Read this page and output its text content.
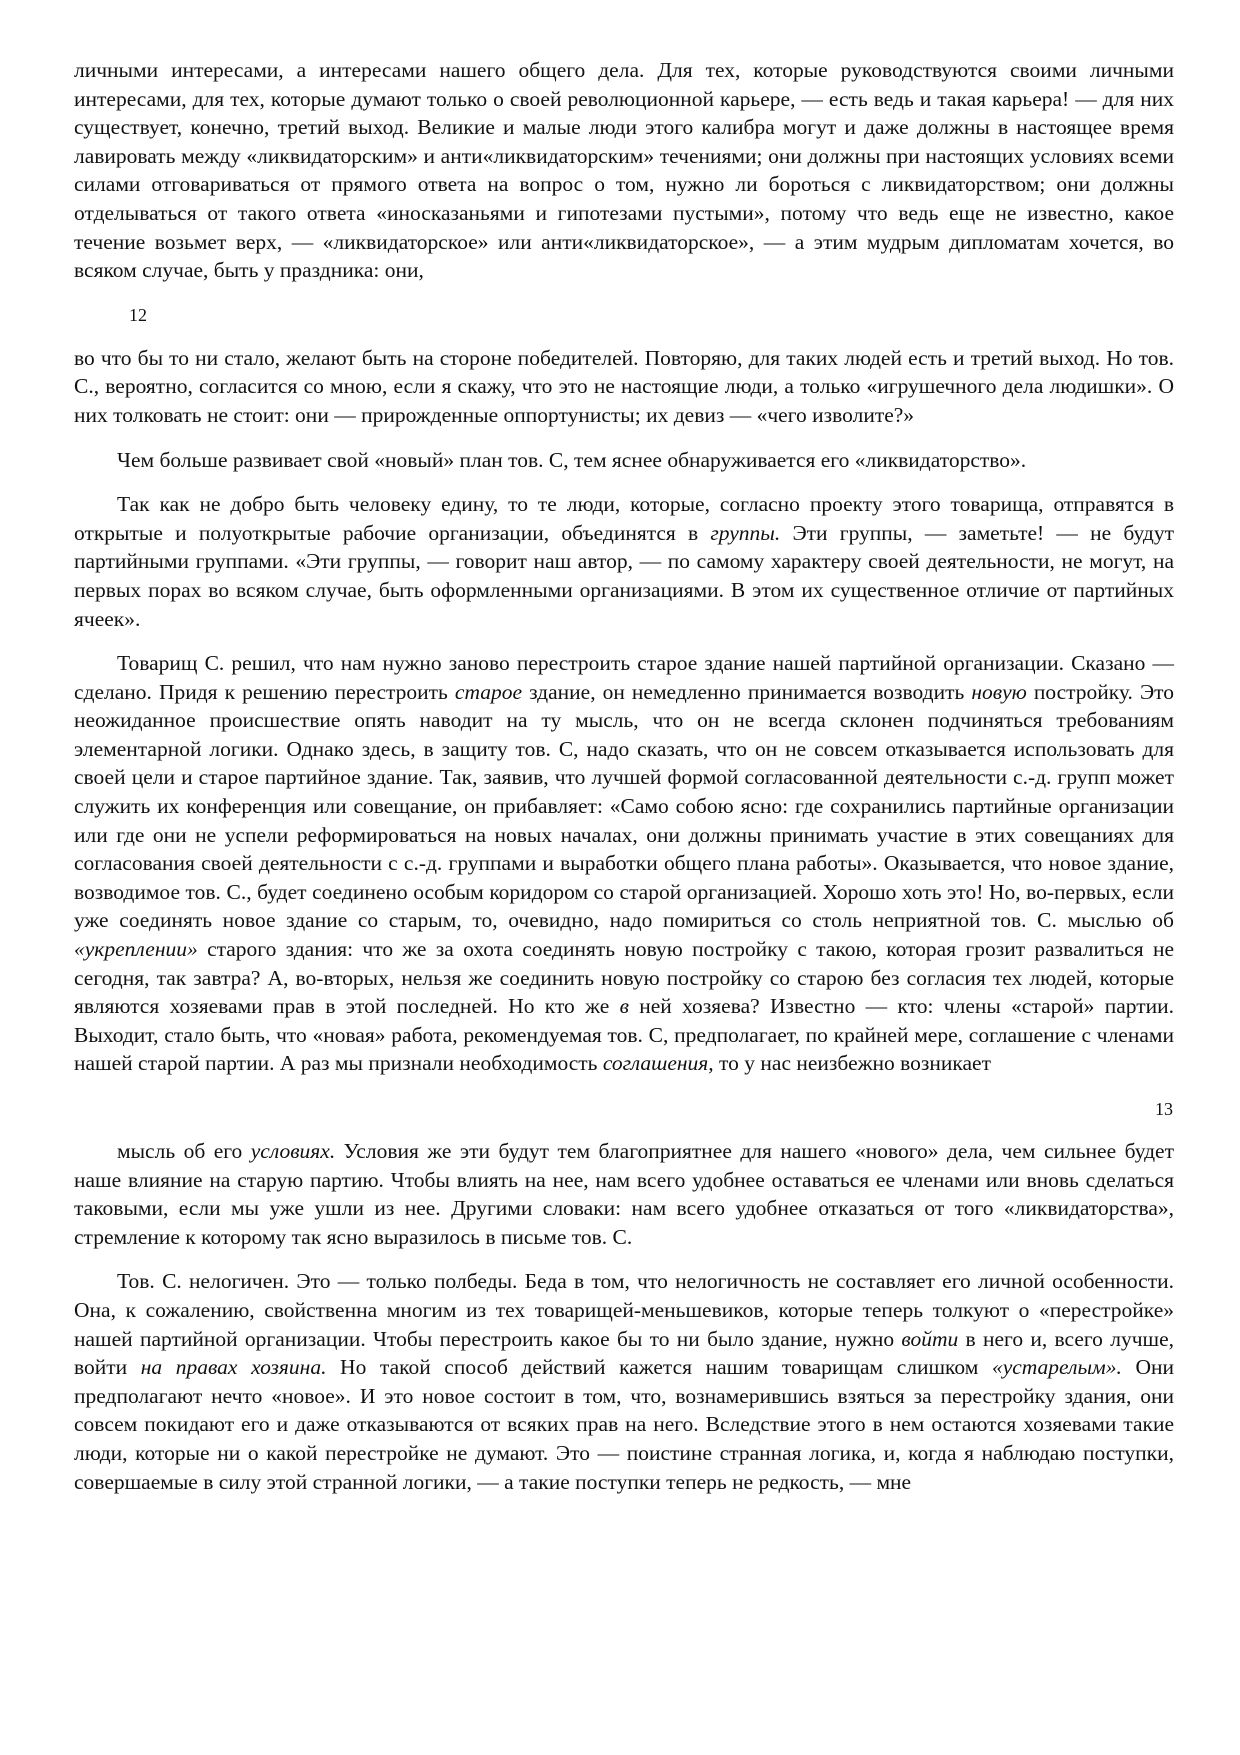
личными интересами, а интересами нашего общего дела. Для тех, которые руководствуются своими личными интересами, для тех, которые думают только о своей революционной карьере, — есть ведь и такая карьера! — для них существует, конечно, третий выход. Великие и малые люди этого калибра могут и даже должны в настоящее время лавировать между «ликвидаторским» и анти«ликвидаторским» течениями; они должны при настоящих условиях всеми силами отговариваться от прямого ответа на вопрос о том, нужно ли бороться с ликвидаторством; они должны отделываться от такого ответа «иносказаньями и гипотезами пустыми», потому что ведь еще не известно, какое течение возьмет верх, — «ликвидаторское» или анти«ликвидаторское», — а этим мудрым дипломатам хочется, во всяком случае, быть у праздника: они,

12

во что бы то ни стало, желают быть на стороне победителей. Повторяю, для таких людей есть и третий выход. Но тов. С., вероятно, согласится со мною, если я скажу, что это не настоящие люди, а только «игрушечного дела людишки». О них толковать не стоит: они — прирожденные оппортунисты; их девиз — «чего изволите?»

Чем больше развивает свой «новый» план тов. С, тем яснее обнаруживается его «ликвидаторство».

Так как не добро быть человеку едину, то те люди, которые, согласно проекту этого товарища, отправятся в открытые и полуоткрытые рабочие организации, объединятся в группы. Эти группы, — заметьте! — не будут партийными группами. «Эти группы, — говорит наш автор, — по самому характеру своей деятельности, не могут, на первых порах во всяком случае, быть оформленными организациями. В этом их существенное отличие от партийных ячеек».

Товарищ С. решил, что нам нужно заново перестроить старое здание нашей партийной организации. Сказано — сделано. Придя к решению перестроить старое здание, он немедленно принимается возводить новую постройку. Это неожиданное происшествие опять наводит на ту мысль, что он не всегда склонен подчиняться требованиям элементарной логики. Однако здесь, в защиту тов. С, надо сказать, что он не совсем отказывается использовать для своей цели и старое партийное здание. Так, заявив, что лучшей формой согласованной деятельности с.-д. групп может служить их конференция или совещание, он прибавляет: «Само собою ясно: где сохранились партийные организации или где они не успели реформироваться на новых началах, они должны принимать участие в этих совещаниях для согласования своей деятельности с с.-д. группами и выработки общего плана работы». Оказывается, что новое здание, возводимое тов. С., будет соединено особым коридором со старой организацией. Хорошо хоть это! Но, во-первых, если уже соединять новое здание со старым, то, очевидно, надо помириться со столь неприятной тов. С. мыслью об «укреплении» старого здания: что же за охота соединять новую постройку с такою, которая грозит развалиться не сегодня, так завтра? А, во-вторых, нельзя же соединить новую постройку со старою без согласия тех людей, которые являются хозяевами прав в этой последней. Но кто же в ней хозяева? Известно — кто: члены «старой» партии. Выходит, стало быть, что «новая» работа, рекомендуемая тов. С, предполагает, по крайней мере, соглашение с членами нашей старой партии. А раз мы признали необходимость соглашения, то у нас неизбежно возникает

13

мысль об его условиях. Условия же эти будут тем благоприятнее для нашего «нового» дела, чем сильнее будет наше влияние на старую партию. Чтобы влиять на нее, нам всего удобнее оставаться ее членами или вновь сделаться таковыми, если мы уже ушли из нее. Другими словаки: нам всего удобнее отказаться от того «ликвидаторства», стремление к которому так ясно выразилось в письме тов. С.

Тов. С. нелогичен. Это — только полбеды. Беда в том, что нелогичность не составляет его личной особенности. Она, к сожалению, свойственна многим из тех товарищей-меньшевиков, которые теперь толкуют о «перестройке» нашей партийной организации. Чтобы перестроить какое бы то ни было здание, нужно войти в него и, всего лучше, войти на правах хозяина. Но такой способ действий кажется нашим товарищам слишком «устарелым». Они предполагают нечто «новое». И это новое состоит в том, что, вознамерившись взяться за перестройку здания, они совсем покидают его и даже отказываются от всяких прав на него. Вследствие этого в нем остаются хозяевами такие люди, которые ни о какой перестройке не думают. Это — поистине странная логика, и, когда я наблюдаю поступки, совершаемые в силу этой странной логики, — а такие поступки теперь не редкость, — мне
